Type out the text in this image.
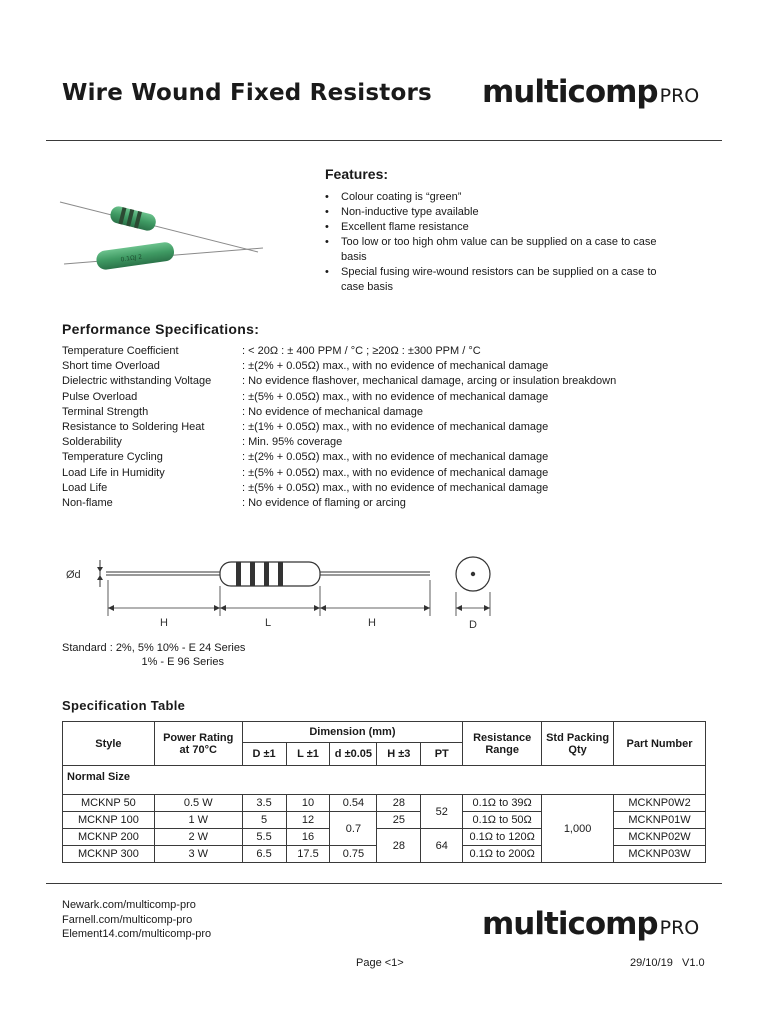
Wire Wound Fixed Resistors multicomp PRO
0.1ΩJ 2
Features:
• Colour coating is “green”
• Non-inductive type available
• Excellent flame resistance
• Too low or too high ohm value can be supplied on a case to case basis
• Special fusing wire-wound resistors can be supplied on a case to case basis
Performance Specifications:
Temperature Coefficient	: < 20Ω : ± 400 PPM / °C ; ≥20Ω : ±300 PPM / °C
Short time Overload	: ±(2% + 0.05Ω) max., with no evidence of mechanical damage
Dielectric withstanding Voltage	: No evidence flashover, mechanical damage, arcing or insulation breakdown
Pulse Overload	: ±(5% + 0.05Ω) max., with no evidence of mechanical damage
Terminal Strength	: No evidence of mechanical damage
Resistance to Soldering Heat	: ±(1% + 0.05Ω) max., with no evidence of mechanical damage
Solderability	: Min. 95% coverage
Temperature Cycling	: ±(2% + 0.05Ω) max., with no evidence of mechanical damage
Load Life in Humidity	: ±(5% + 0.05Ω) max., with no evidence of mechanical damage
Load Life	: ±(5% + 0.05Ω) max., with no evidence of mechanical damage
Non-flame	: No evidence of flaming or arcing
Ød
H	L	H	D
Standard : 2%, 5% 10% - E 24 Series
1% - E 96 Series
Specification Table
Style	Power Rating at 70°C	Dimension (mm)					Resistance Range	Std Packing Qty	Part Number
		D ±1	L ±1	d ±0.05	H ±3	PT			
Normal Size									

MCKNP 50	0.5 W	3.5	10	0.54	28	52	0.1Ω to 39Ω	1,000	MCKNP0W2
MCKNP 100	1 W	5	12	0.7	25		0.1Ω to 50Ω		MCKNP01W
MCKNP 200	2 W	5.5	16		28	64	0.1Ω to 120Ω		MCKNP02W
MCKNP 300	3 W	6.5	17.5	0.75			0.1Ω to 200Ω		MCKNP03W
Newark.com/multicomp-pro
Farnell.com/multicomp-pro
Element14.com/multicomp-pro	multicomp PRO
Page <1>	29/10/19 V1.0
